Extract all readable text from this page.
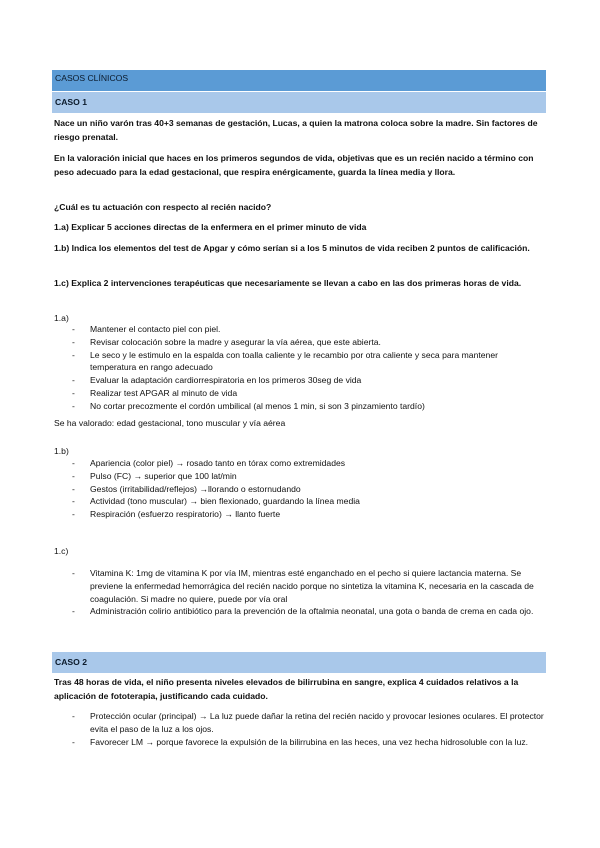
CASOS CLÍNICOS
CASO 1
Nace un niño varón tras 40+3 semanas de gestación, Lucas, a quien la matrona coloca sobre la madre. Sin factores de riesgo prenatal.
En la valoración inicial que haces en los primeros segundos de vida, objetivas que es un recién nacido a término con peso adecuado para la edad gestacional, que respira enérgicamente, guarda la línea media y llora.
¿Cuál es tu actuación con respecto al recién nacido?
1.a) Explicar 5 acciones directas de la enfermera en el primer minuto de vida
1.b) Indica los elementos del test de Apgar y cómo serían si a los 5 minutos de vida reciben 2 puntos de calificación.
1.c) Explica 2 intervenciones terapéuticas que necesariamente se llevan a cabo en las dos primeras horas de vida.
1.a)
- Mantener el contacto piel con piel.
- Revisar colocación sobre la madre y asegurar la vía aérea, que este abierta.
- Le seco y le estimulo en la espalda con toalla caliente y le recambio por otra caliente y seca para mantener temperatura en rango adecuado
- Evaluar la adaptación cardiorrespiratoria en los primeros 30seg de vida
- Realizar test APGAR al minuto de vida
- No cortar precozmente el cordón umbilical (al menos 1 min, si son 3 pinzamiento tardío)
Se ha valorado: edad gestacional, tono muscular y vía aérea
1.b)
- Apariencia (color piel) → rosado tanto en tórax como extremidades
- Pulso (FC) → superior que 100 lat/min
- Gestos (irritabilidad/reflejos) →llorando o estornudando
- Actividad (tono muscular) → bien flexionado, guardando la línea media
- Respiración (esfuerzo respiratorio) → llanto fuerte
1.c)
- Vitamina K: 1mg de vitamina K por vía IM, mientras esté enganchado en el pecho si quiere lactancia materna. Se previene la enfermedad hemorrágica del recién nacido porque no sintetiza la vitamina K, necesaria en la cascada de coagulación. Si madre no quiere, puede por vía oral
- Administración colirio antibiótico para la prevención de la oftalmia neonatal, una gota o banda de crema en cada ojo.
CASO 2
Tras 48 horas de vida, el niño presenta niveles elevados de bilirrubina en sangre, explica 4 cuidados relativos a la aplicación de fototerapia, justificando cada cuidado.
- Protección ocular (principal) → La luz puede dañar la retina del recién nacido y provocar lesiones oculares. El protector evita el paso de la luz a los ojos.
- Favorecer LM → porque favorece la expulsión de la bilirrubina en las heces, una vez hecha hidrosoluble con la luz.
